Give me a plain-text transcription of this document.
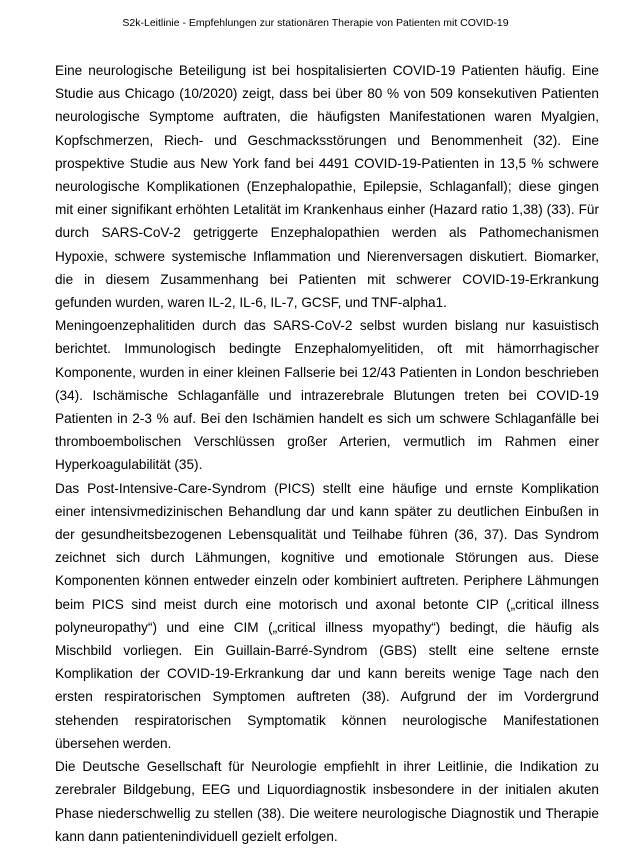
S2k-Leitlinie - Empfehlungen zur stationären Therapie von Patienten mit COVID-19

Eine neurologische Beteiligung ist bei hospitalisierten COVID-19 Patienten häufig. Eine Studie aus Chicago (10/2020) zeigt, dass bei über 80 % von 509 konsekutiven Patienten neurologische Symptome auftraten, die häufigsten Manifestationen waren Myalgien, Kopfschmerzen, Riech- und Geschmacksstörungen und Benommenheit (32). Eine prospektive Studie aus New York fand bei 4491 COVID-19-Patienten in 13,5 % schwere neurologische Komplikationen (Enzephalopathie, Epilepsie, Schlaganfall); diese gingen mit einer signifikant erhöhten Letalität im Krankenhaus einher (Hazard ratio 1,38) (33). Für durch SARS-CoV-2 getriggerte Enzephalopathien werden als Pathomechanismen Hypoxie, schwere systemische Inflammation und Nierenversagen diskutiert. Biomarker, die in diesem Zusammenhang bei Patienten mit schwerer COVID-19-Erkrankung gefunden wurden, waren IL-2, IL-6, IL-7, GCSF, und TNF-alpha1.

Meningoenzephalitiden durch das SARS-CoV-2 selbst wurden bislang nur kasuistisch berichtet. Immunologisch bedingte Enzephalomyelitiden, oft mit hämorrhagischer Komponente, wurden in einer kleinen Fallserie bei 12/43 Patienten in London beschrieben (34). Ischämische Schlaganfälle und intrazerebrale Blutungen treten bei COVID-19 Patienten in 2-3 % auf. Bei den Ischämien handelt es sich um schwere Schlaganfälle bei thromboembolischen Verschlüssen großer Arterien, vermutlich im Rahmen einer Hyperkoagulabilität (35).

Das Post-Intensive-Care-Syndrom (PICS) stellt eine häufige und ernste Komplikation einer intensivmedizinischen Behandlung dar und kann später zu deutlichen Einbußen in der gesundheitsbezogenen Lebensqualität und Teilhabe führen (36, 37). Das Syndrom zeichnet sich durch Lähmungen, kognitive und emotionale Störungen aus. Diese Komponenten können entweder einzeln oder kombiniert auftreten. Periphere Lähmungen beim PICS sind meist durch eine motorisch und axonal betonte CIP („critical illness polyneuropathy“) und eine CIM („critical illness myopathy“) bedingt, die häufig als Mischbild vorliegen. Ein Guillain-Barré-Syndrom (GBS) stellt eine seltene ernste Komplikation der COVID-19-Erkrankung dar und kann bereits wenige Tage nach den ersten respiratorischen Symptomen auftreten (38). Aufgrund der im Vordergrund stehenden respiratorischen Symptomatik können neurologische Manifestationen übersehen werden.

Die Deutsche Gesellschaft für Neurologie empfiehlt in ihrer Leitlinie, die Indikation zu zerebraler Bildgebung, EEG und Liquordiagnostik insbesondere in der initialen akuten Phase niederschwellig zu stellen (38). Die weitere neurologische Diagnostik und Therapie kann dann patientenindividuell gezielt erfolgen.
